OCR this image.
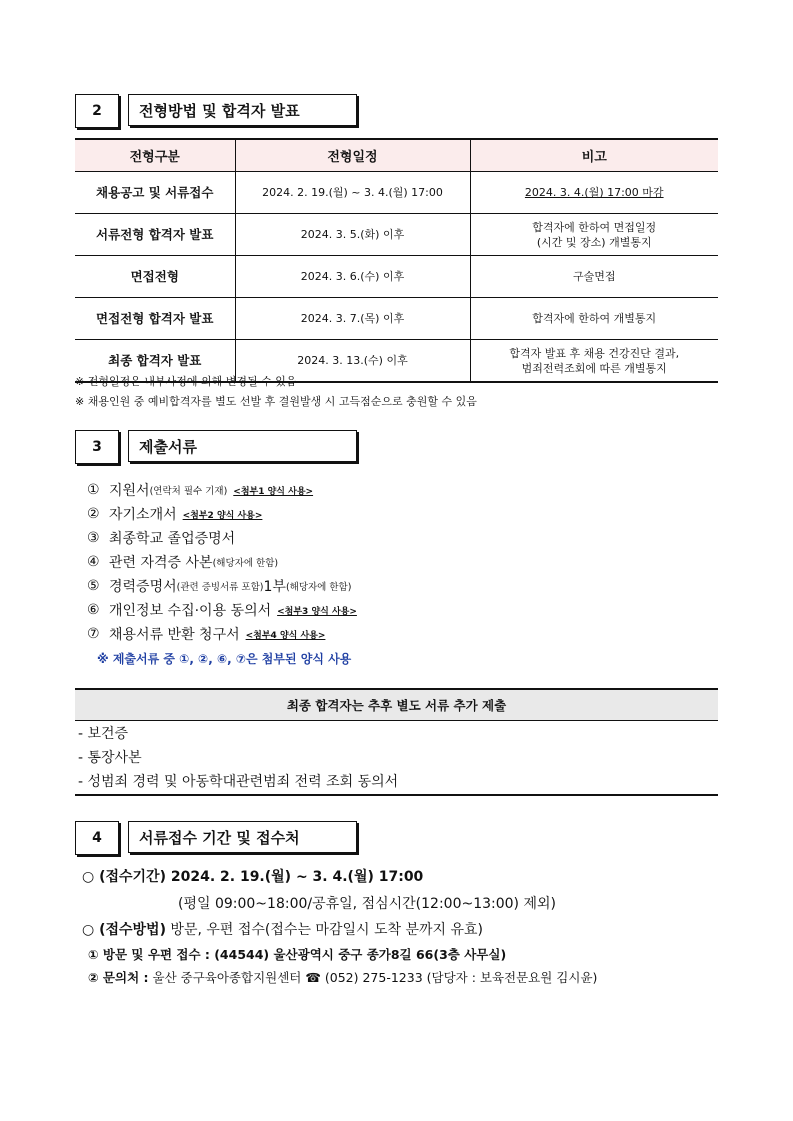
2	전형방법 및 합격자 발표
전형구분	전형일정	비고
채용공고 및 서류접수	2024. 2. 19.(월) ~ 3. 4.(월) 17:00	2024. 3. 4.(월) 17:00 마감
서류전형 합격자 발표	2024. 3. 5.(화) 이후	합격자에 한하여 면접일정
(시간 및 장소) 개별통지

면접전형	2024. 3. 6.(수) 이후	구술면접
면접전형 합격자 발표	2024. 3. 7.(목) 이후	합격자에 한하여 개별통지
최종 합격자 발표	2024. 3. 13.(수) 이후	합격자 발표 후 채용 건강진단 결과,
범죄전력조회에 따른 개별통지
※ 전형일정은 내부사정에 의해 변경될 수 있음
※ 채용인원 중 예비합격자를 별도 선발 후 결원발생 시 고득점순으로 충원할 수 있음
3	제출서류
① 지원서 (연락처 필수 기재) <첨부1 양식 사용>
② 자기소개서 <첨부2 양식 사용>
③ 최종학교 졸업증명서
④ 관련 자격증 사본 (해당자에 한함)
⑤ 경력증명서 (관련 증빙서류 포함) 1부 (해당자에 한함)
⑥ 개인정보 수집·이용 동의서 <첨부3 양식 사용>
⑦ 채용서류 반환 청구서 <첨부4 양식 사용>
※ 제출서류 중 ①, ②, ⑥, ⑦은 첨부된 양식 사용
최종 합격자는 추후 별도 서류 추가 제출
- 보건증
- 통장사본
- 성범죄 경력 및 아동학대관련범죄 전력 조회 동의서
4	서류접수 기간 및 접수처
○ (접수기간) 2024. 2. 19.(월) ~ 3. 4.(월) 17:00
(평일 09:00~18:00/공휴일, 점심시간(12:00~13:00) 제외)
○ (접수방법) 방문, 우편 접수(접수는 마감일시 도착 분까지 유효)
① 방문 및 우편 접수 : (44544) 울산광역시 중구 종가8길 66(3층 사무실)
② 문의처 : 울산 중구육아종합지원센터 ☎ (052) 275-1233 (담당자 : 보육전문요원 김시윤)
